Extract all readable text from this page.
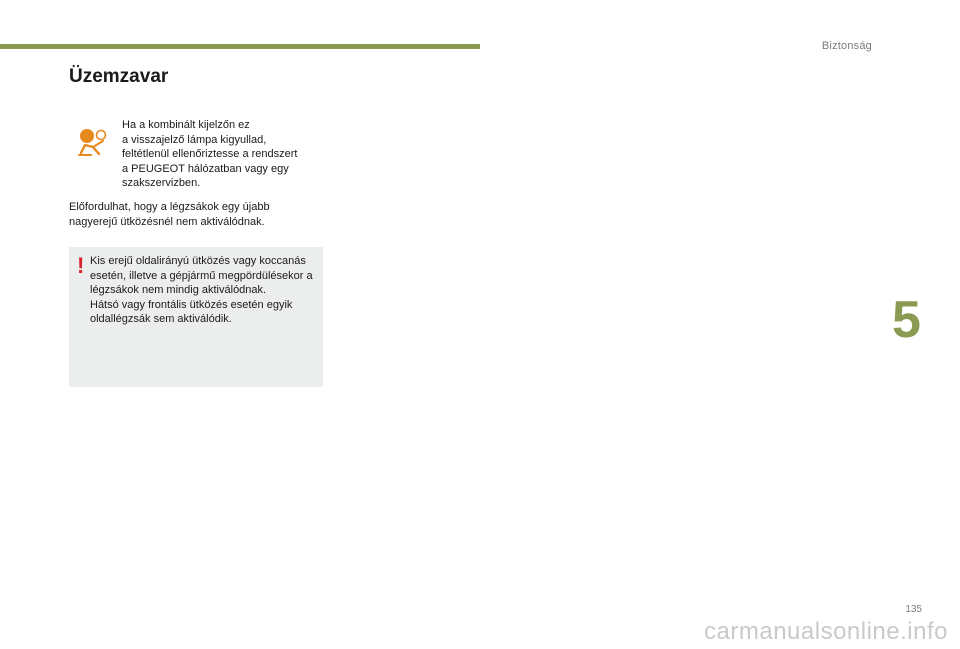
Biztonság
Üzemzavar
Ha a kombinált kijelzőn ez
a visszajelző lámpa kigyullad,
feltétlenül ellenőriztesse a rendszert
a PEUGEOT hálózatban vagy egy
szakszervizben.
Előfordulhat, hogy a légzsákok egy újabb
nagyerejű ütközésnél nem aktiválódnak.
! Kis erejű oldalirányú ütközés vagy koccanás esetén, illetve a gépjármű megpördülésekor a légzsákok nem mindig aktiválódnak.

Hátsó vagy frontális ütközés esetén egyik oldallégzsák sem aktiválódik.	5
135
carmanualsonline.info
